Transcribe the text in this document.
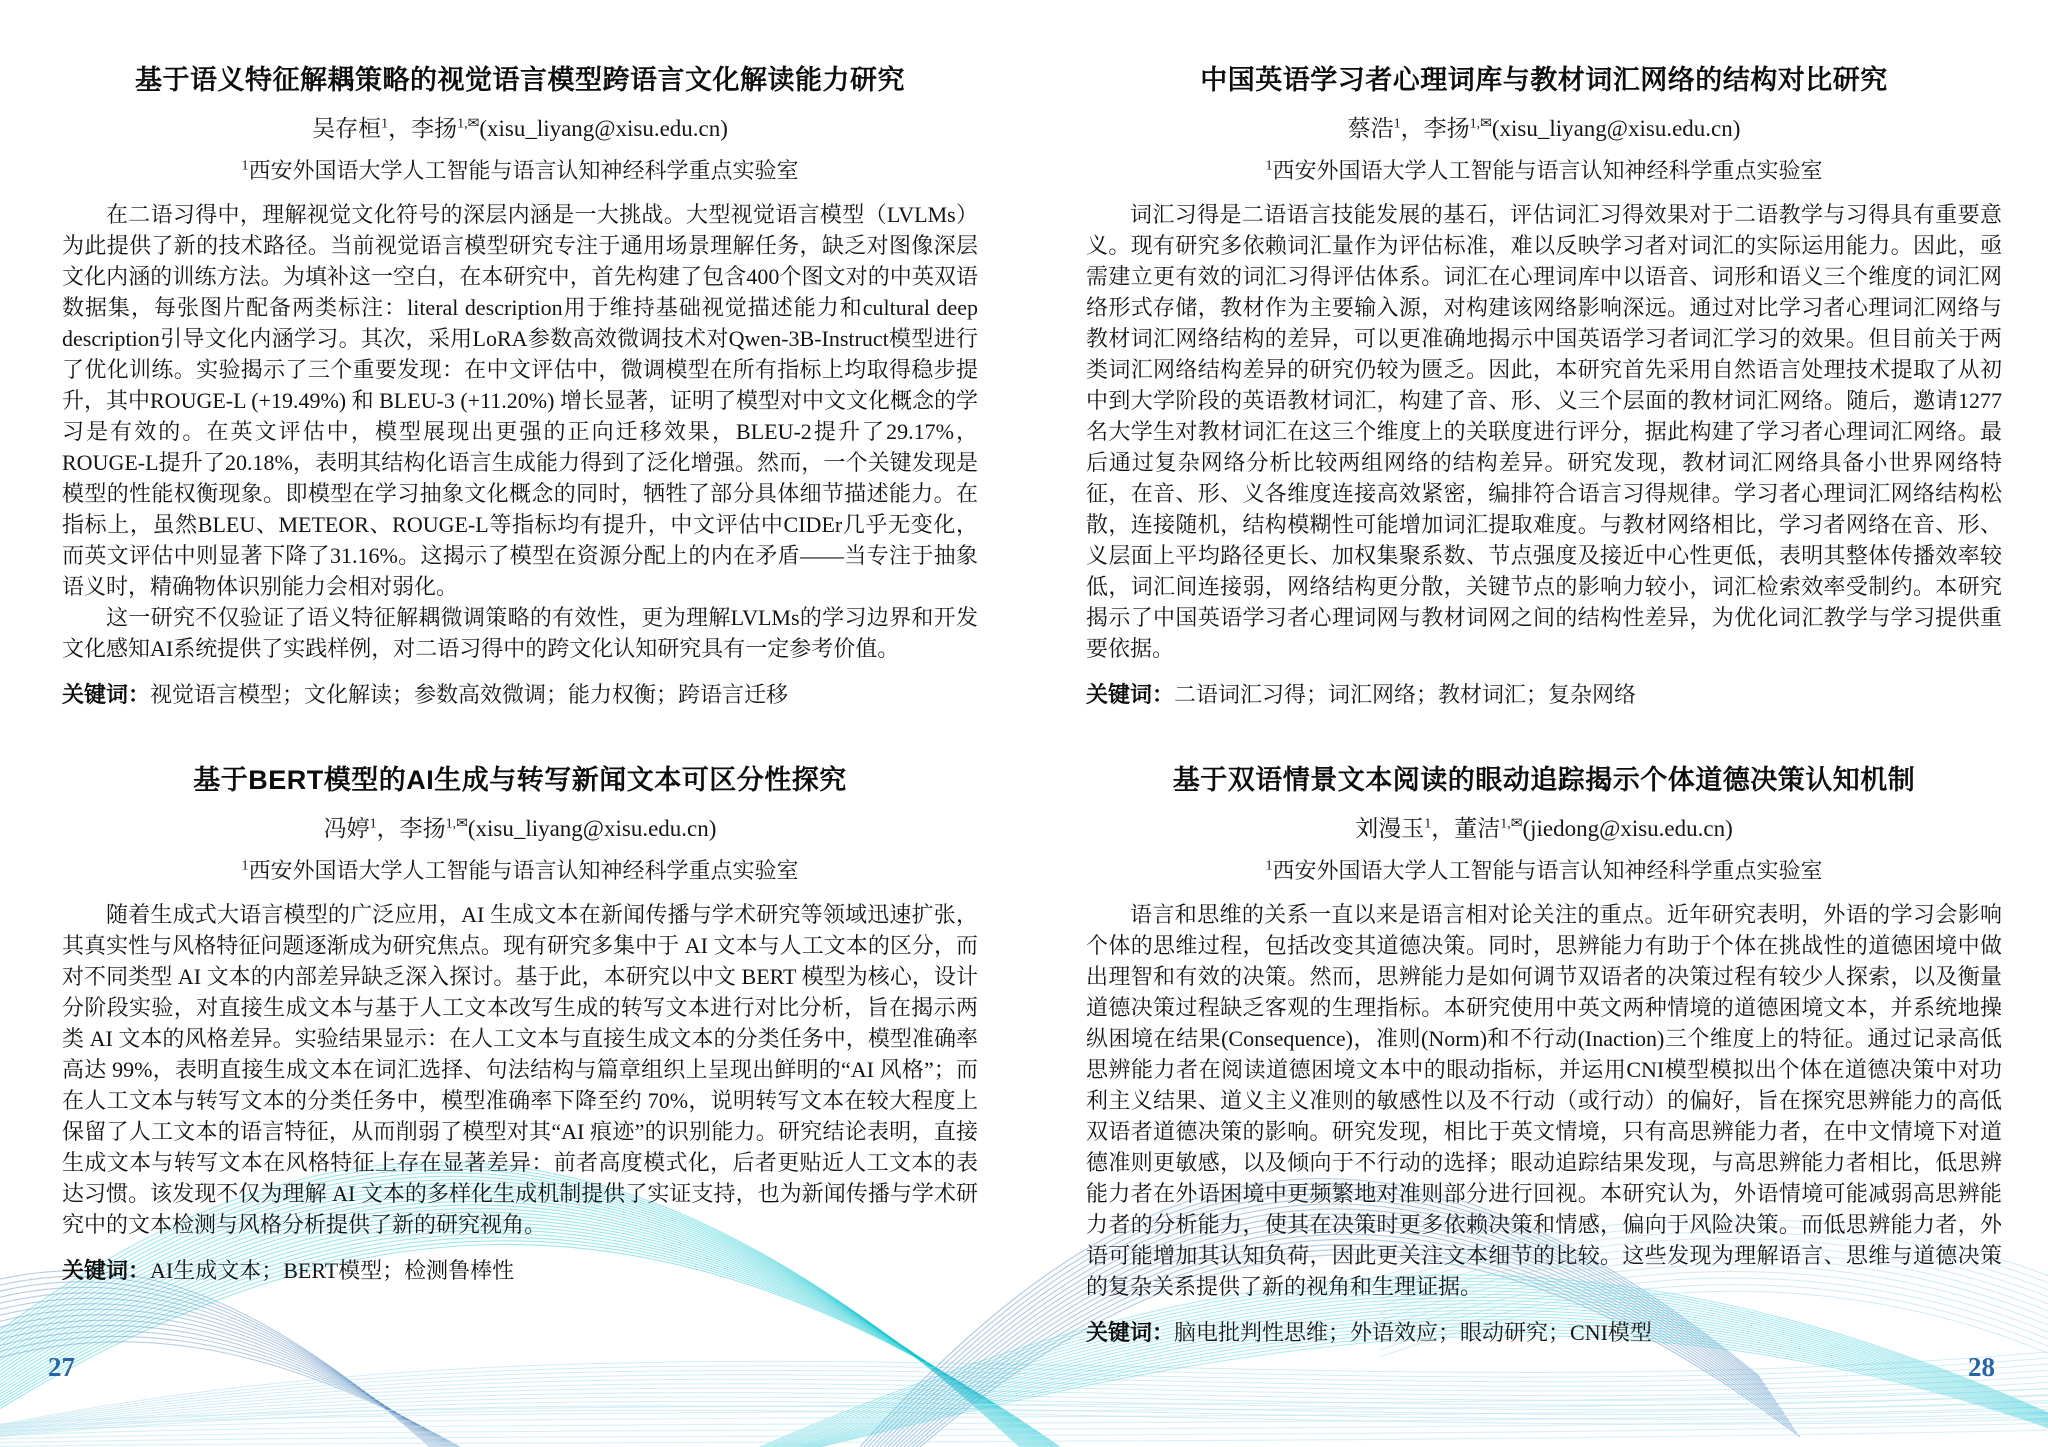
基于语义特征解耦策略的视觉语言模型跨语言文化解读能力研究
吴存桓$^1$，李扬$^{1,✉}$(xisu_liyang@xisu.edu.cn)
$^1$西安外国语大学人工智能与语言认知神经科学重点实验室

在二语习得中，理解视觉文化符号的深层内涵是一大挑战。大型视觉语言模型（LVLMs）为此提供了新的技术路径。当前视觉语言模型研究专注于通用场景理解任务，缺乏对图像深层文化内涵的训练方法。为填补这一空白，在本研究中，首先构建了包含400个图文对的中英双语数据集，每张图片配备两类标注：literal description用于维持基础视觉描述能力和cultural deep description引导文化内涵学习。其次，采用LoRA参数高效微调技术对Qwen-3B-Instruct模型进行了优化训练。实验揭示了三个重要发现：在中文评估中，微调模型在所有指标上均取得稳步提升，其中ROUGE-L (+19.49%) 和 BLEU-3 (+11.20%) 增长显著，证明了模型对中文文化概念的学习是有效的。在英文评估中，模型展现出更强的正向迁移效果，BLEU-2提升了29.17%，ROUGE-L提升了20.18%，表明其结构化语言生成能力得到了泛化增强。然而，一个关键发现是模型的性能权衡现象。即模型在学习抽象文化概念的同时，牺牲了部分具体细节描述能力。在指标上，虽然BLEU、METEOR、ROUGE-L等指标均有提升，中文评估中CIDEr几乎无变化，而英文评估中则显著下降了31.16%。这揭示了模型在资源分配上的内在矛盾——当专注于抽象语义时，精确物体识别能力会相对弱化。

这一研究不仅验证了语义特征解耦微调策略的有效性，更为理解LVLMs的学习边界和开发文化感知AI系统提供了实践样例，对二语习得中的跨文化认知研究具有一定参考价值。

关键词：视觉语言模型；文化解读；参数高效微调；能力权衡；跨语言迁移
基于BERT模型的AI生成与转写新闻文本可区分性探究
冯婷$^1$，李扬$^{1,✉}$(xisu_liyang@xisu.edu.cn)
$^1$西安外国语大学人工智能与语言认知神经科学重点实验室

随着生成式大语言模型的广泛应用，AI 生成文本在新闻传播与学术研究等领域迅速扩张，其真实性与风格特征问题逐渐成为研究焦点。现有研究多集中于 AI 文本与人工文本的区分，而对不同类型 AI 文本的内部差异缺乏深入探讨。基于此，本研究以中文 BERT 模型为核心，设计分阶段实验，对直接生成文本与基于人工文本改写生成的转写文本进行对比分析，旨在揭示两类 AI 文本的风格差异。实验结果显示：在人工文本与直接生成文本的分类任务中，模型准确率高达 99%，表明直接生成文本在词汇选择、句法结构与篇章组织上呈现出鲜明的“AI 风格”；而在人工文本与转写文本的分类任务中，模型准确率下降至约 70%，说明转写文本在较大程度上保留了人工文本的语言特征，从而削弱了模型对其“AI 痕迹”的识别能力。研究结论表明，直接生成文本与转写文本在风格特征上存在显著差异：前者高度模式化，后者更贴近人工文本的表达习惯。该发现不仅为理解 AI 文本的多样化生成机制提供了实证支持，也为新闻传播与学术研究中的文本检测与风格分析提供了新的研究视角。

关键词：AI生成文本；BERT模型；检测鲁棒性
中国英语学习者心理词库与教材词汇网络的结构对比研究
蔡浩$^1$，李扬$^{1,✉}$(xisu_liyang@xisu.edu.cn)
$^1$西安外国语大学人工智能与语言认知神经科学重点实验室

词汇习得是二语语言技能发展的基石，评估词汇习得效果对于二语教学与习得具有重要意义。现有研究多依赖词汇量作为评估标准，难以反映学习者对词汇的实际运用能力。因此，亟需建立更有效的词汇习得评估体系。词汇在心理词库中以语音、词形和语义三个维度的词汇网络形式存储，教材作为主要输入源，对构建该网络影响深远。通过对比学习者心理词汇网络与教材词汇网络结构的差异，可以更准确地揭示中国英语学习者词汇学习的效果。但目前关于两类词汇网络结构差异的研究仍较为匮乏。因此，本研究首先采用自然语言处理技术提取了从初中到大学阶段的英语教材词汇，构建了音、形、义三个层面的教材词汇网络。随后，邀请1277名大学生对教材词汇在这三个维度上的关联度进行评分，据此构建了学习者心理词汇网络。最后通过复杂网络分析比较两组网络的结构差异。研究发现，教材词汇网络具备小世界网络特征，在音、形、义各维度连接高效紧密，编排符合语言习得规律。学习者心理词汇网络结构松散，连接随机，结构模糊性可能增加词汇提取难度。与教材网络相比，学习者网络在音、形、义层面上平均路径更长、加权集聚系数、节点强度及接近中心性更低，表明其整体传播效率较低，词汇间连接弱，网络结构更分散，关键节点的影响力较小，词汇检索效率受制约。本研究揭示了中国英语学习者心理词网与教材词网之间的结构性差异，为优化词汇教学与学习提供重要依据。

关键词：二语词汇习得；词汇网络；教材词汇；复杂网络
基于双语情景文本阅读的眼动追踪揭示个体道德决策认知机制
刘漫玉$^1$，董洁$^{1,✉}$(jiedong@xisu.edu.cn)
$^1$西安外国语大学人工智能与语言认知神经科学重点实验室

语言和思维的关系一直以来是语言相对论关注的重点。近年研究表明，外语的学习会影响个体的思维过程，包括改变其道德决策。同时，思辨能力有助于个体在挑战性的道德困境中做出理智和有效的决策。然而，思辨能力是如何调节双语者的决策过程有较少人探索，以及衡量道德决策过程缺乏客观的生理指标。本研究使用中英文两种情境的道德困境文本，并系统地操纵困境在结果(Consequence)，准则(Norm)和不行动(Inaction)三个维度上的特征。通过记录高低思辨能力者在阅读道德困境文本中的眼动指标，并运用CNI模型模拟出个体在道德决策中对功利主义结果、道义主义准则的敏感性以及不行动（或行动）的偏好，旨在探究思辨能力的高低双语者道德决策的影响。研究发现，相比于英文情境，只有高思辨能力者，在中文情境下对道德准则更敏感，以及倾向于不行动的选择；眼动追踪结果发现，与高思辨能力者相比，低思辨能力者在外语困境中更频繁地对准则部分进行回视。本研究认为，外语情境可能减弱高思辨能力者的分析能力，使其在决策时更多依赖决策和情感，偏向于风险决策。而低思辨能力者，外语可能增加其认知负荷，因此更关注文本细节的比较。这些发现为理解语言、思维与道德决策的复杂关系提供了新的视角和生理证据。

关键词：脑电批判性思维；外语效应；眼动研究；CNI模型
27	28
